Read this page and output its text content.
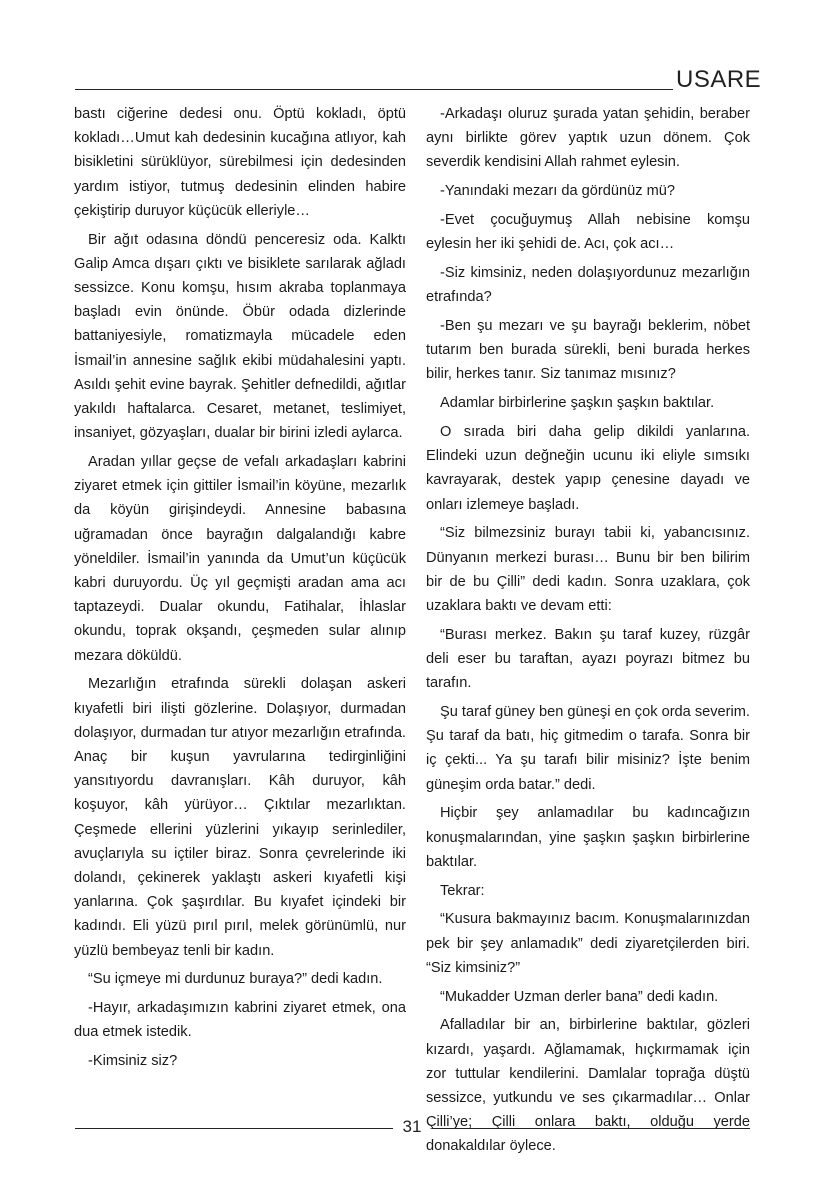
USARE

bastı ciğerine dedesi onu. Öptü kokladı, öptü kokladı…Umut kah dedesinin kucağına atlıyor, kah bisikletini sürüklüyor, sürebilmesi için dedesinden yardım istiyor, tutmuş dedesinin elinden habire çekiştirip duruyor küçücük elleriyle…

Bir ağıt odasına döndü penceresiz oda. Kalktı Galip Amca dışarı çıktı ve bisiklete sarılarak ağladı sessizce. Konu komşu, hısım akraba toplanmaya başladı evin önünde. Öbür odada dizlerinde battaniyesiyle, romatizmayla mücadele eden İsmail’in annesine sağlık ekibi müdahalesini yaptı. Asıldı şehit evine bayrak. Şehitler defnedildi, ağıtlar yakıldı haftalarca. Cesaret, metanet, teslimiyet, insaniyet, gözyaşları, dualar bir birini izledi aylarca.

Aradan yıllar geçse de vefalı arkadaşları kabrini ziyaret etmek için gittiler İsmail’in köyüne, mezarlık da köyün girişindeydi. Annesine babasına uğramadan önce bayrağın dalgalandığı kabre yöneldiler. İsmail’in yanında da Umut’un küçücük kabri duruyordu. Üç yıl geçmişti aradan ama acı taptazeydi. Dualar okundu, Fatihalar, İhlaslar okundu, toprak okşandı, çeşmeden sular alınıp mezara döküldü.

Mezarlığın etrafında sürekli dolaşan askeri kıyafetli biri ilişti gözlerine. Dolaşıyor, durmadan dolaşıyor, durmadan tur atıyor mezarlığın etrafında. Anaç bir kuşun yavrularına tedirginliğini yansıtıyordu davranışları. Kâh duruyor, kâh koşuyor, kâh yürüyor… Çıktılar mezarlıktan. Çeşmede ellerini yüzlerini yıkayıp serinlediler, avuçlarıyla su içtiler biraz. Sonra çevrelerinde iki dolandı, çekinerek yaklaştı askeri kıyafetli kişi yanlarına. Çok şaşırdılar. Bu kıyafet içindeki bir kadındı. Eli yüzü pırıl pırıl, melek görünümlü, nur yüzlü bembeyaz tenli bir kadın.

“Su içmeye mi durdunuz buraya?” dedi kadın.

-Hayır, arkadaşımızın kabrini ziyaret etmek, ona dua etmek istedik.

-Kimsiniz siz?

-Arkadaşı oluruz şurada yatan şehidin, beraber aynı birlikte görev yaptık uzun dönem. Çok severdik kendisini Allah rahmet eylesin.

-Yanındaki mezarı da gördünüz mü?

-Evet çocuğuymuş Allah nebisine komşu eylesin her iki şehidi de. Acı, çok acı…

-Siz kimsiniz, neden dolaşıyordunuz mezarlığın etrafında?

-Ben şu mezarı ve şu bayrağı beklerim, nöbet tutarım ben burada sürekli, beni burada herkes bilir, herkes tanır. Siz tanımaz mısınız?

Adamlar birbirlerine şaşkın şaşkın baktılar.

O sırada biri daha gelip dikildi yanlarına. Elindeki uzun değneğin ucunu iki eliyle sımsıkı kavrayarak, destek yapıp çenesine dayadı ve onları izlemeye başladı.

“Siz bilmezsiniz burayı tabii ki, yabancısınız. Dünyanın merkezi burası… Bunu bir ben bilirim bir de bu Çilli” dedi kadın. Sonra uzaklara, çok uzaklara baktı ve devam etti:

“Burası merkez. Bakın şu taraf kuzey, rüzgâr deli eser bu taraftan, ayazı poyrazı bitmez bu tarafın.

Şu taraf güney ben güneşi en çok orda severim. Şu taraf da batı, hiç gitmedim o tarafa. Sonra bir iç çekti... Ya şu tarafı bilir misiniz? İşte benim güneşim orda batar.” dedi.

Hiçbir şey anlamadılar bu kadıncağızın konuşmalarından, yine şaşkın şaşkın birbirlerine baktılar.

Tekrar:

“Kusura bakmayınız bacım. Konuşmalarınızdan pek bir şey anlamadık” dedi ziyaretçilerden biri. “Siz kimsiniz?”

“Mukadder Uzman derler bana” dedi kadın.

Afalladılar bir an, birbirlerine baktılar, gözleri kızardı, yaşardı. Ağlamamak, hıçkırmamak için zor tuttular kendilerini. Damlalar toprağa düştü sessizce, yutkundu ve ses çıkarmadılar… Onlar Çilli’ye; Çilli onlara baktı, olduğu yerde donakaldılar öylece.

31
